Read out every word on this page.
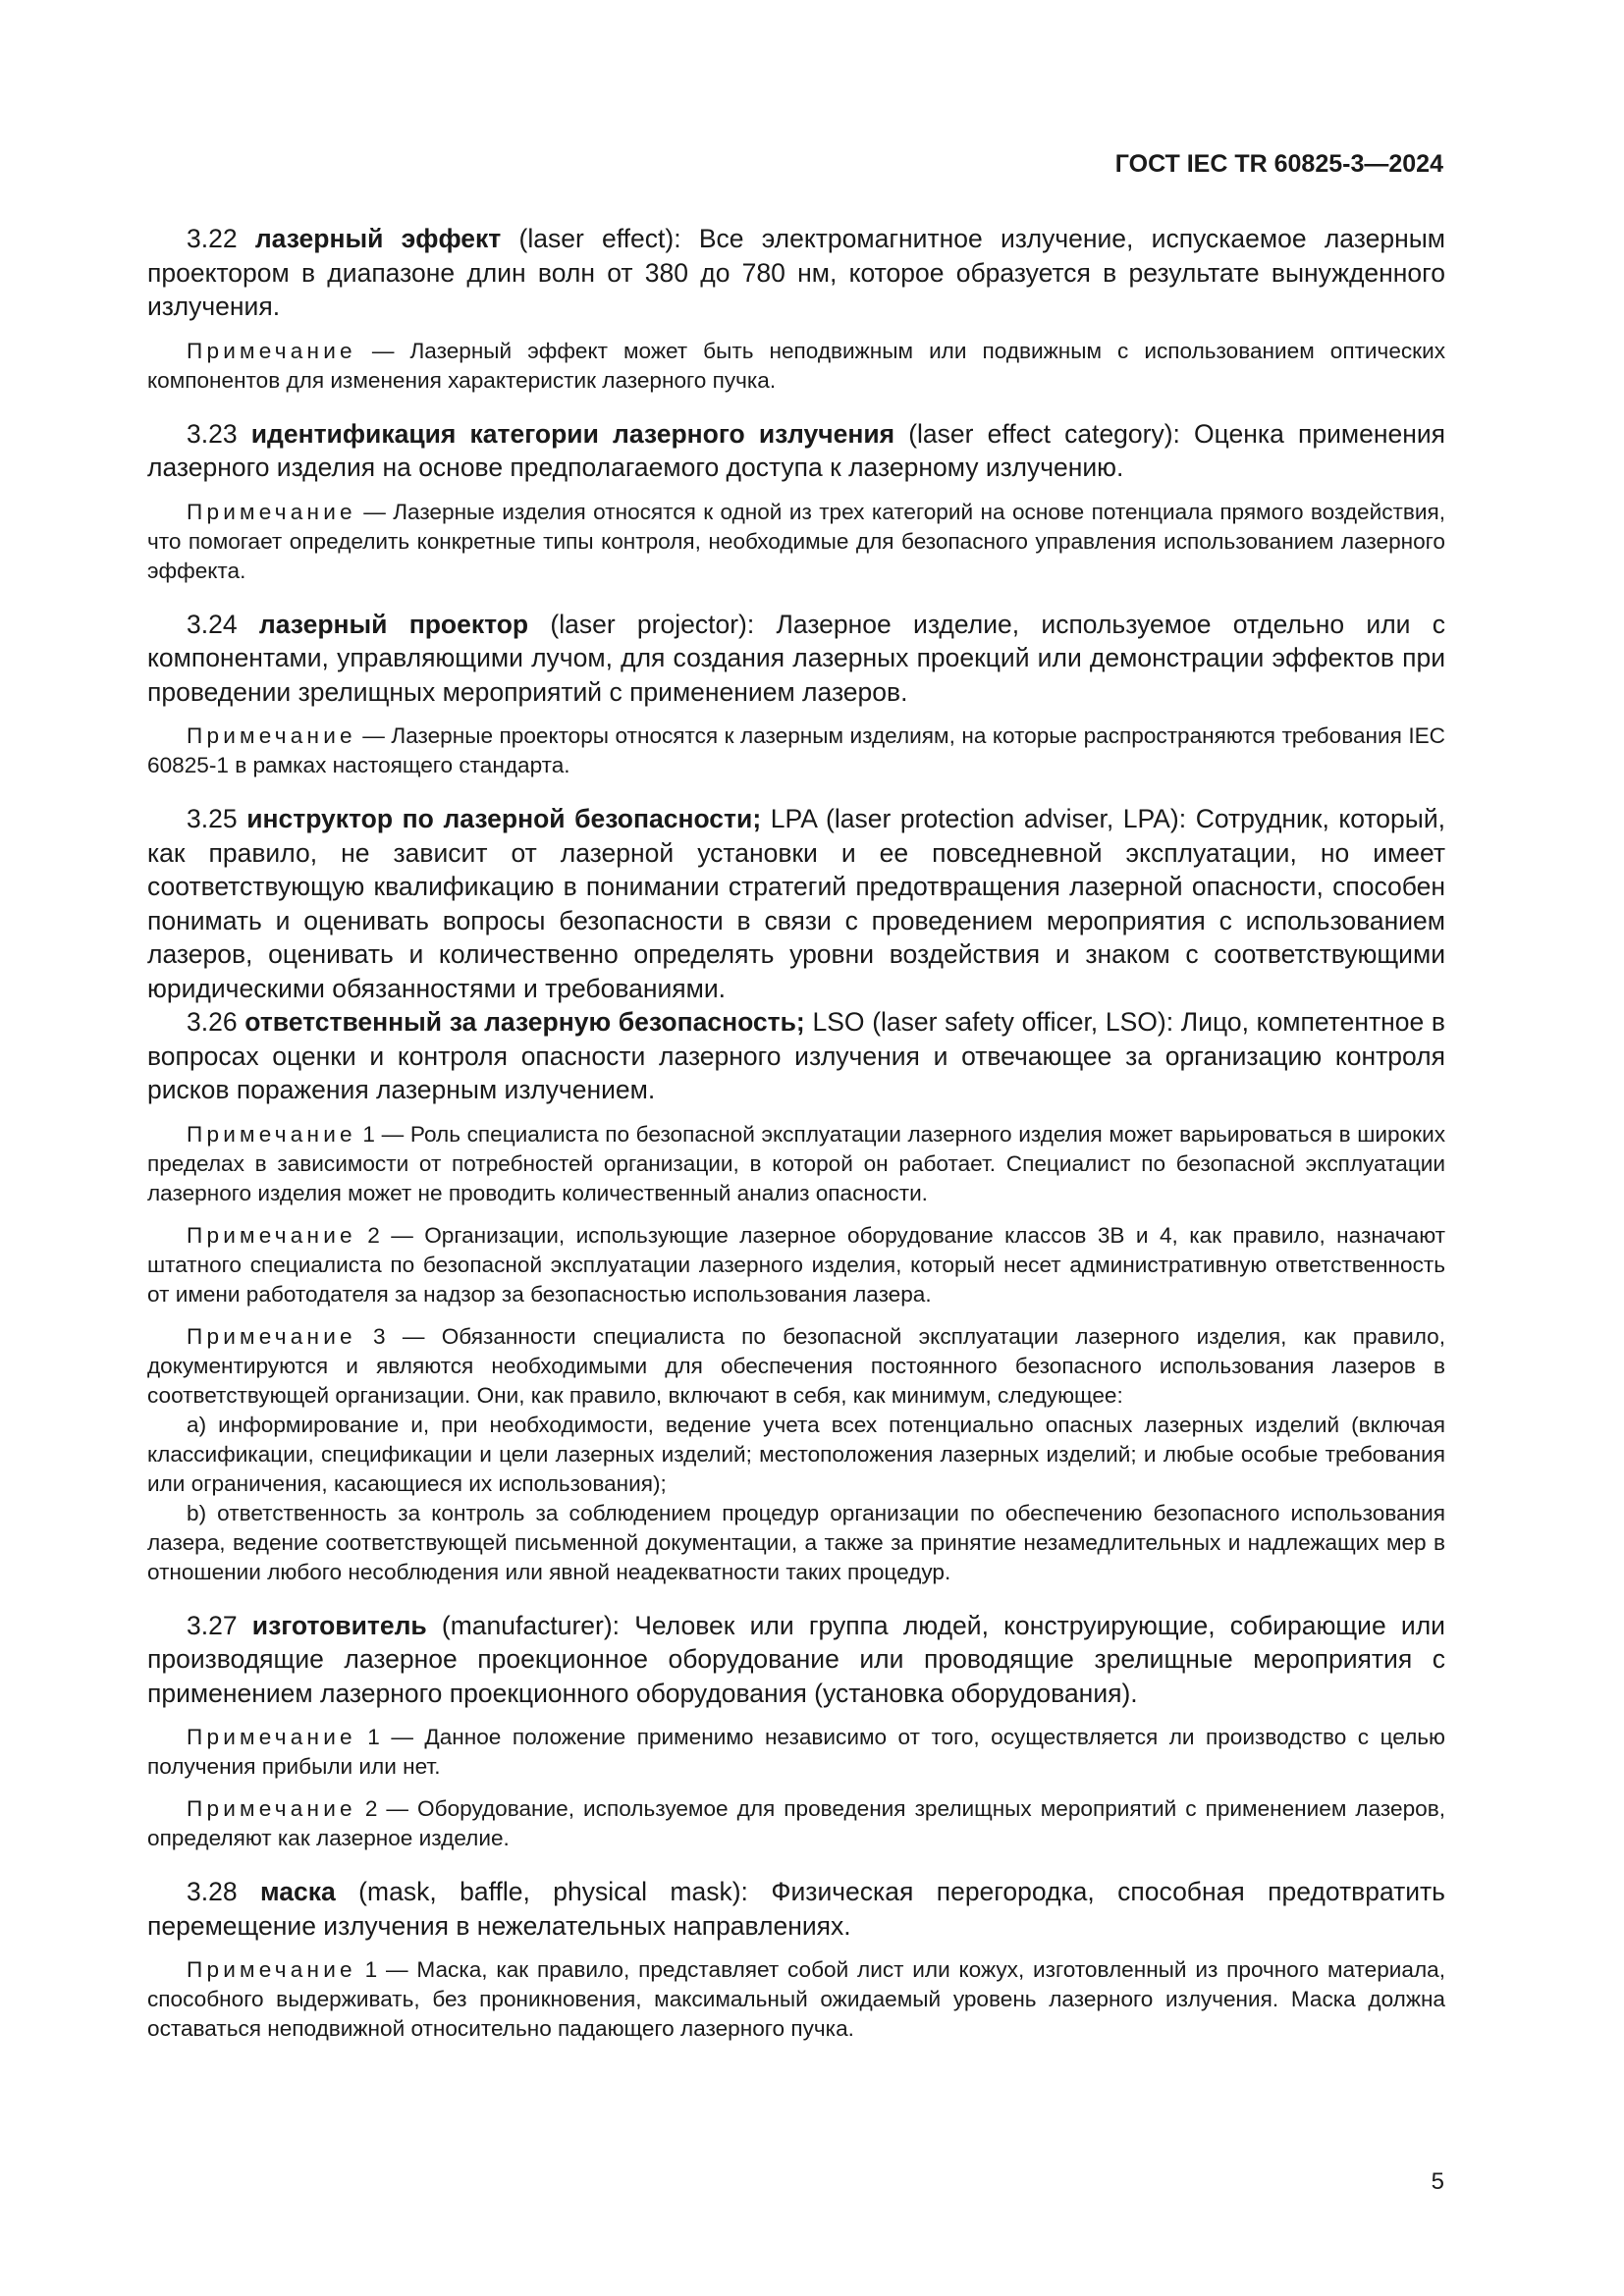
ГОСТ IEC TR 60825-3—2024

3.22 лазерный эффект (laser effect): Все электромагнитное излучение, испускаемое лазерным проектором в диапазоне длин волн от 380 до 780 нм, которое образуется в результате вынужденного излучения.

Примечание — Лазерный эффект может быть неподвижным или подвижным с использованием оптических компонентов для изменения характеристик лазерного пучка.

3.23 идентификация категории лазерного излучения (laser effect category): Оценка применения лазерного изделия на основе предполагаемого доступа к лазерному излучению.

Примечание — Лазерные изделия относятся к одной из трех категорий на основе потенциала прямого воздействия, что помогает определить конкретные типы контроля, необходимые для безопасного управления использованием лазерного эффекта.

3.24 лазерный проектор (laser projector): Лазерное изделие, используемое отдельно или с компонентами, управляющими лучом, для создания лазерных проекций или демонстрации эффектов при проведении зрелищных мероприятий с применением лазеров.

Примечание — Лазерные проекторы относятся к лазерным изделиям, на которые распространяются требования IEC 60825-1 в рамках настоящего стандарта.

3.25 инструктор по лазерной безопасности; LPA (laser protection adviser, LPA): Сотрудник, который, как правило, не зависит от лазерной установки и ее повседневной эксплуатации, но имеет соответствующую квалификацию в понимании стратегий предотвращения лазерной опасности, способен понимать и оценивать вопросы безопасности в связи с проведением мероприятия с использованием лазеров, оценивать и количественно определять уровни воздействия и знаком с соответствующими юридическими обязанностями и требованиями.

3.26 ответственный за лазерную безопасность; LSO (laser safety officer, LSO): Лицо, компетентное в вопросах оценки и контроля опасности лазерного излучения и отвечающее за организацию контроля рисков поражения лазерным излучением.

Примечание 1 — Роль специалиста по безопасной эксплуатации лазерного изделия может варьироваться в широких пределах в зависимости от потребностей организации, в которой он работает. Специалист по безопасной эксплуатации лазерного изделия может не проводить количественный анализ опасности.

Примечание 2 — Организации, использующие лазерное оборудование классов 3В и 4, как правило, назначают штатного специалиста по безопасной эксплуатации лазерного изделия, который несет административную ответственность от имени работодателя за надзор за безопасностью использования лазера.

Примечание 3 — Обязанности специалиста по безопасной эксплуатации лазерного изделия, как правило, документируются и являются необходимыми для обеспечения постоянного безопасного использования лазеров в соответствующей организации. Они, как правило, включают в себя, как минимум, следующее:

a) информирование и, при необходимости, ведение учета всех потенциально опасных лазерных изделий (включая классификации, спецификации и цели лазерных изделий; местоположения лазерных изделий; и любые особые требования или ограничения, касающиеся их использования);

b) ответственность за контроль за соблюдением процедур организации по обеспечению безопасного использования лазера, ведение соответствующей письменной документации, а также за принятие незамедлительных и надлежащих мер в отношении любого несоблюдения или явной неадекватности таких процедур.

3.27 изготовитель (manufacturer): Человек или группа людей, конструирующие, собирающие или производящие лазерное проекционное оборудование или проводящие зрелищные мероприятия с применением лазерного проекционного оборудования (установка оборудования).

Примечание 1 — Данное положение применимо независимо от того, осуществляется ли производство с целью получения прибыли или нет.

Примечание 2 — Оборудование, используемое для проведения зрелищных мероприятий с применением лазеров, определяют как лазерное изделие.

3.28 маска (mask, baffle, physical mask): Физическая перегородка, способная предотвратить перемещение излучения в нежелательных направлениях.

Примечание 1 — Маска, как правило, представляет собой лист или кожух, изготовленный из прочного материала, способного выдерживать, без проникновения, максимальный ожидаемый уровень лазерного излучения. Маска должна оставаться неподвижной относительно падающего лазерного пучка.

5
